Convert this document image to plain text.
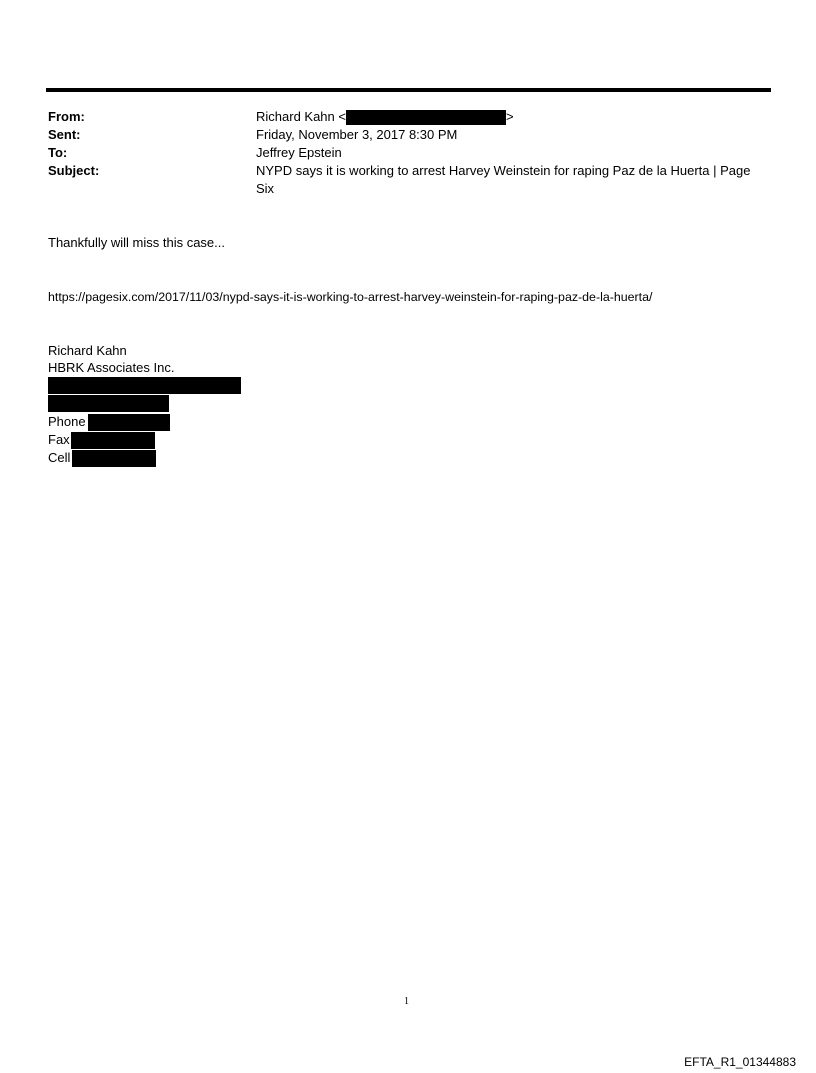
From:	Richard Kahn <	>
Sent:	Friday, November 3, 2017 8:30 PM
To:	Jeffrey Epstein
Subject:	NYPD says it is working to arrest Harvey Weinstein for raping Paz de la Huerta | Page Six
Thankfully will miss this case...
https://pagesix.com/2017/11/03/nypd-says-it-is-working-to-arrest-harvey-weinstein-for-raping-paz-de-la-huerta/
Richard Kahn
HBRK Associates Inc.
Phone
Fax
Cell
1
EFTA_R1_01344883
